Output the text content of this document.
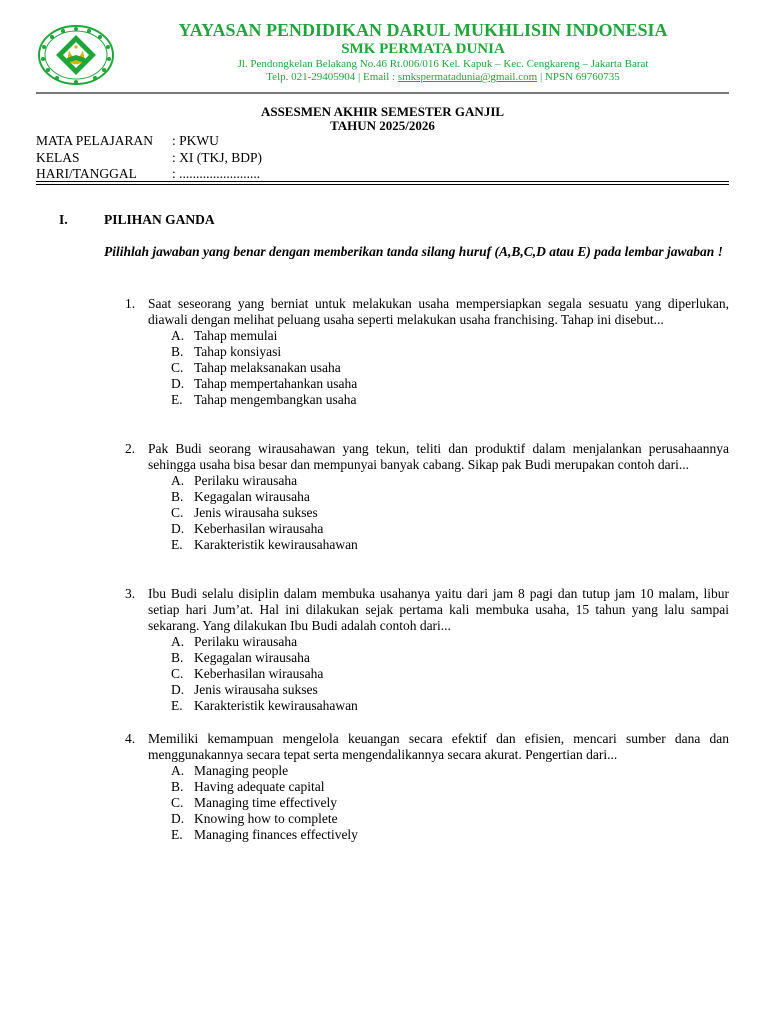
YAYASAN PENDIDIKAN DARUL MUKHLISIN INDONESIA
SMK PERMATA DUNIA
Jl. Pendongkelan Belakang No.46 Rt.006/016 Kel. Kapuk – Kec. Cengkareng – Jakarta Barat
Telp. 021-29405904 | Email : smkspermatadunia@gmail.com | NPSN 69760735
ASSESMEN AKHIR SEMESTER GANJIL
TAHUN 2025/2026
MATA PELAJARAN : PKWU
KELAS	: XI (TKJ, BDP)
HARI/TANGGAL	: ........................
I.	PILIHAN GANDA
Pilihlah jawaban yang benar dengan memberikan tanda silang huruf (A,B,C,D atau E) pada lembar jawaban !
1. Saat seseorang yang berniat untuk melakukan usaha mempersiapkan segala sesuatu yang diperlukan, diawali dengan melihat peluang usaha seperti melakukan usaha franchising. Tahap ini disebut...
A. Tahap memulai
B. Tahap konsiyasi
C. Tahap melaksanakan usaha
D. Tahap mempertahankan usaha
E. Tahap mengembangkan usaha
2. Pak Budi seorang wirausahawan yang tekun, teliti dan produktif dalam menjalankan perusahaannya sehingga usaha bisa besar dan mempunyai banyak cabang. Sikap pak Budi merupakan contoh dari...
A. Perilaku wirausaha
B. Kegagalan wirausaha
C. Jenis wirausaha sukses
D. Keberhasilan wirausaha
E. Karakteristik kewirausahawan
3. Ibu Budi selalu disiplin dalam membuka usahanya yaitu dari jam 8 pagi dan tutup jam 10 malam, libur setiap hari Jum’at. Hal ini dilakukan sejak pertama kali membuka usaha, 15 tahun yang lalu sampai sekarang. Yang dilakukan Ibu Budi adalah contoh dari...
A. Perilaku wirausaha
B. Kegagalan wirausaha
C. Keberhasilan wirausaha
D. Jenis wirausaha sukses
E. Karakteristik kewirausahawan
4. Memiliki kemampuan mengelola keuangan secara efektif dan efisien, mencari sumber dana dan menggunakannya secara tepat serta mengendalikannya secara akurat. Pengertian dari...
A. Managing people
B. Having adequate capital
C. Managing time effectively
D. Knowing how to complete
E. Managing finances effectively
